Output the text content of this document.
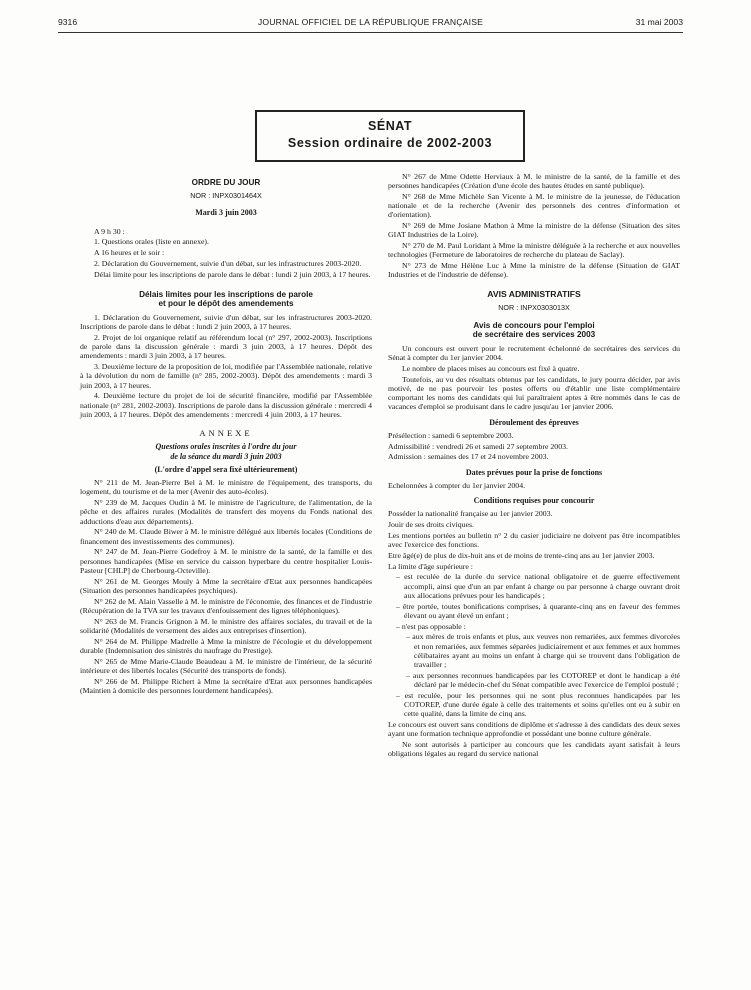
9316	JOURNAL OFFICIEL DE LA RÉPUBLIQUE FRANÇAISE	31 mai 2003
SÉNAT
Session ordinaire de 2002-2003
ORDRE DU JOUR
NOR : INPX0301464X
Mardi 3 juin 2003

A 9 h 30 :

1. Questions orales (liste en annexe).

A 16 heures et le soir :

2. Déclaration du Gouvernement, suivie d'un débat, sur les infrastructures 2003-2020.

Délai limite pour les inscriptions de parole dans le débat : lundi 2 juin 2003, à 17 heures.

Délais limites pour les inscriptions de parole
et pour le dépôt des amendements

1. Déclaration du Gouvernement, suivie d'un débat, sur les infrastructures 2003-2020. Inscriptions de parole dans le débat : lundi 2 juin 2003, à 17 heures.

2. Projet de loi organique relatif au référendum local (n° 297, 2002-2003). Inscriptions de parole dans la discussion générale : mardi 3 juin 2003, à 17 heures. Dépôt des amendements : mardi 3 juin 2003, à 17 heures.

3. Deuxième lecture de la proposition de loi, modifiée par l'Assemblée nationale, relative à la dévolution du nom de famille (n° 285, 2002-2003). Dépôt des amendements : mardi 3 juin 2003, à 17 heures.

4. Deuxième lecture du projet de loi de sécurité financière, modifié par l'Assemblée nationale (n° 281, 2002-2003). Inscriptions de parole dans la discussion générale : mercredi 4 juin 2003, à 17 heures. Dépôt des amendements : mercredi 4 juin 2003, à 17 heures.

ANNEXE
Questions orales inscrites à l'ordre du jour
de la séance du mardi 3 juin 2003
(L'ordre d'appel sera fixé ultérieurement)

N° 211 de M. Jean-Pierre Bel à M. le ministre de l'équipement, des transports, du logement, du tourisme et de la mer (Avenir des auto-écoles).

N° 239 de M. Jacques Oudin à M. le ministre de l'agriculture, de l'alimentation, de la pêche et des affaires rurales (Modalités de transfert des moyens du Fonds national des adductions d'eau aux départements).

N° 240 de M. Claude Biwer à M. le ministre délégué aux libertés locales (Conditions de financement des investissements des communes).

N° 247 de M. Jean-Pierre Godefroy à M. le ministre de la santé, de la famille et des personnes handicapées (Mise en service du caisson hyperbare du centre hospitalier Louis-Pasteur [CHLP] de Cherbourg-Octeville).

N° 261 de M. Georges Mouly à Mme la secrétaire d'Etat aux personnes handicapées (Situation des personnes handicapées psychiques).

N° 262 de M. Alain Vasselle à M. le ministre de l'économie, des finances et de l'industrie (Récupération de la TVA sur les travaux d'enfouissement des lignes téléphoniques).

N° 263 de M. Francis Grignon à M. le ministre des affaires sociales, du travail et de la solidarité (Modalités de versement des aides aux entreprises d'insertion).

N° 264 de M. Philippe Madrelle à Mme la ministre de l'écologie et du développement durable (Indemnisation des sinistrés du naufrage du Prestige).

N° 265 de Mme Marie-Claude Beaudeau à M. le ministre de l'intérieur, de la sécurité intérieure et des libertés locales (Sécurité des transports de fonds).

N° 266 de M. Philippe Richert à Mme la secrétaire d'Etat aux personnes handicapées (Maintien à domicile des personnes lourdement handicapées).

N° 267 de Mme Odette Herviaux à M. le ministre de la santé, de la famille et des personnes handicapées (Création d'une école des hautes études en santé publique).

N° 268 de Mme Michèle San Vicente à M. le ministre de la jeunesse, de l'éducation nationale et de la recherche (Avenir des personnels des centres d'information et d'orientation).

N° 269 de Mme Josiane Mathon à Mme la ministre de la défense (Situation des sites GIAT Industries de la Loire).

N° 270 de M. Paul Loridant à Mme la ministre déléguée à la recherche et aux nouvelles technologies (Fermeture de laboratoires de recherche du plateau de Saclay).

N° 273 de Mme Hélène Luc à Mme la ministre de la défense (Situation de GIAT Industries et de l'industrie de défense).

AVIS ADMINISTRATIFS
NOR : INPX0303013X
Avis de concours pour l'emploi
de secrétaire des services 2003

Un concours est ouvert pour le recrutement échelonné de secrétaires des services du Sénat à compter du 1er janvier 2004.

Le nombre de places mises au concours est fixé à quatre.

Toutefois, au vu des résultats obtenus par les candidats, le jury pourra décider, par avis motivé, de ne pas pourvoir les postes offerts ou d'établir une liste complémentaire comportant les noms des candidats qui lui paraîtraient aptes à être nommés dans le cas de vacances d'emploi se produisant dans le cadre jusqu'au 1er janvier 2006.

Déroulement des épreuves

Présélection : samedi 6 septembre 2003.

Admissibilité : vendredi 26 et samedi 27 septembre 2003.

Admission : semaines des 17 et 24 novembre 2003.

Dates prévues pour la prise de fonctions

Echelonnées à compter du 1er janvier 2004.

Conditions requises pour concourir

Posséder la nationalité française au 1er janvier 2003.

Jouir de ses droits civiques.

Les mentions portées au bulletin n° 2 du casier judiciaire ne doivent pas être incompatibles avec l'exercice des fonctions.

Etre âgé(e) de plus de dix-huit ans et de moins de trente-cinq ans au 1er janvier 2003.

La limite d'âge supérieure :

– est reculée de la durée du service national obligatoire et de guerre effectivement accompli, ainsi que d'un an par enfant à charge ou par personne à charge ouvrant droit aux allocations prévues pour les handicapés ;

– être portée, toutes bonifications comprises, à quarante-cinq ans en faveur des femmes élevant ou ayant élevé un enfant ;

– n'est pas opposable :

– aux mères de trois enfants et plus, aux veuves non remariées, aux femmes divorcées et non remariées, aux femmes séparées judiciairement et aux femmes et aux hommes célibataires ayant au moins un enfant à charge qui se trouvent dans l'obligation de travailler ;

– aux personnes reconnues handicapées par les COTOREP et dont le handicap a été déclaré par le médecin-chef du Sénat compatible avec l'exercice de l'emploi postulé ;

– est reculée, pour les personnes qui ne sont plus reconnues handicapées par les COTOREP, d'une durée égale à celle des traitements et soins qu'elles ont eu à subir en cette qualité, dans la limite de cinq ans.

Le concours est ouvert sans conditions de diplôme et s'adresse à des candidats des deux sexes ayant une formation technique approfondie et possédant une bonne culture générale.

Ne sont autorisés à participer au concours que les candidats ayant satisfait à leurs obligations légales au regard du service national
